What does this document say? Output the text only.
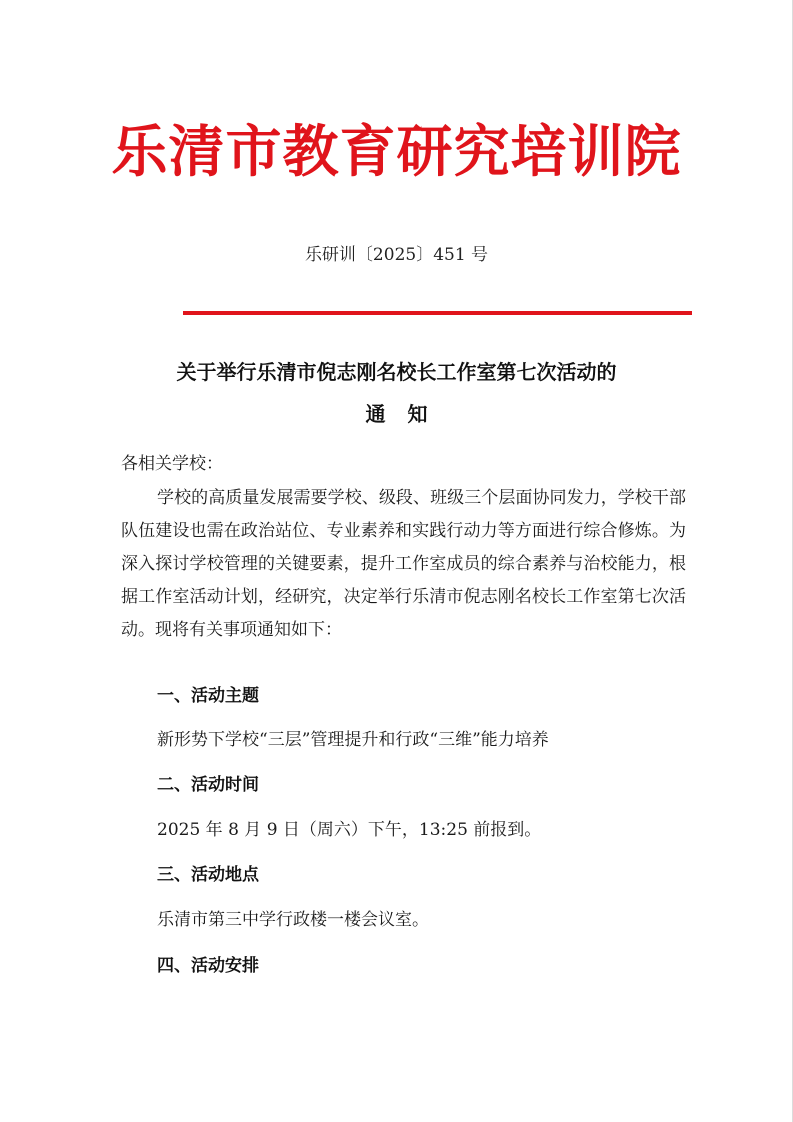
乐清市教育研究培训院
乐研训〔2025〕451 号
关于举行乐清市倪志刚名校长工作室第七次活动的
通知
各相关学校：
学校的高质量发展需要学校、级段、班级三个层面协同发力，学校干部队伍建设也需在政治站位、专业素养和实践行动力等方面进行综合修炼。为深入探讨学校管理的关键要素，提升工作室成员的综合素养与治校能力，根据工作室活动计划，经研究，决定举行乐清市倪志刚名校长工作室第七次活动。现将有关事项通知如下：
一、活动主题
新形势下学校“三层”管理提升和行政“三维”能力培养
二、活动时间
2025 年 8 月 9 日（周六）下午，13:25 前报到。
三、活动地点
乐清市第三中学行政楼一楼会议室。
四、活动安排
